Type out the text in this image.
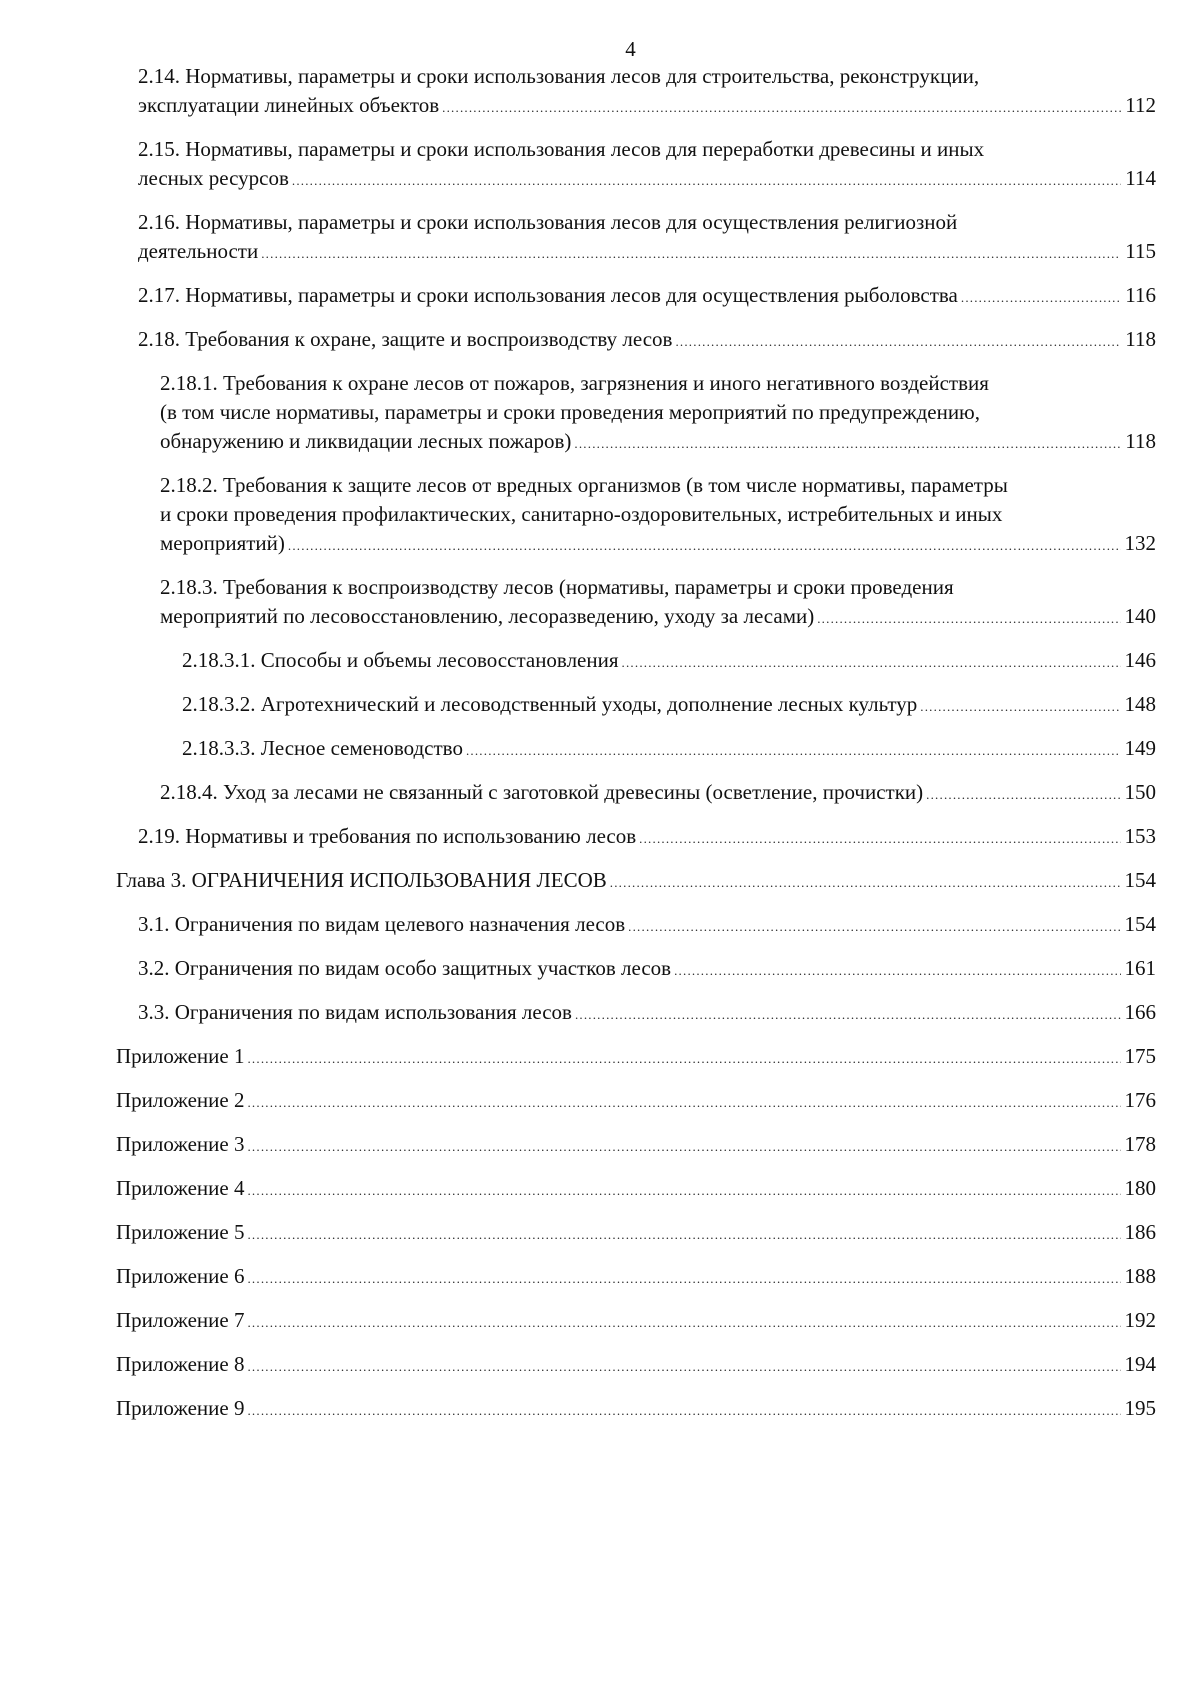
4
2.14. Нормативы, параметры и сроки использования лесов для строительства, реконструкции,
эксплуатации линейных объектов .....	112
2.15. Нормативы, параметры и сроки использования лесов для переработки древесины и иных
лесных ресурсов .....	114
2.16. Нормативы, параметры и сроки использования лесов для осуществления религиозной
деятельности .....	115
2.17. Нормативы, параметры и сроки использования лесов для осуществления рыболовства .....	116
2.18. Требования к охране, защите и воспроизводству лесов .....	118
2.18.1. Требования к охране лесов от пожаров, загрязнения и иного негативного воздействия
(в том числе нормативы, параметры и сроки проведения мероприятий по предупреждению,
обнаружению и ликвидации лесных пожаров) .....	118
2.18.2. Требования к защите лесов от вредных организмов (в том числе нормативы, параметры
и сроки проведения профилактических, санитарно-оздоровительных, истребительных и иных
мероприятий) .....	132
2.18.3. Требования к воспроизводству лесов (нормативы, параметры и сроки проведения
мероприятий по лесовосстановлению, лесоразведению, уходу за лесами) .....	140
2.18.3.1. Способы и объемы лесовосстановления .....	146
2.18.3.2. Агротехнический и лесоводственный уходы, дополнение лесных культур .....	148
2.18.3.3. Лесное семеноводство .....	149
2.18.4. Уход за лесами не связанный с заготовкой древесины (осветление, прочистки) .....	150
2.19. Нормативы и требования по использованию лесов .....	153
Глава 3. ОГРАНИЧЕНИЯ ИСПОЛЬЗОВАНИЯ ЛЕСОВ .....	154
3.1. Ограничения по видам целевого назначения лесов .....	154
3.2. Ограничения по видам особо защитных участков лесов .....	161
3.3. Ограничения по видам использования лесов .....	166
Приложение 1 .....	175
Приложение 2 .....	176
Приложение 3 .....	178
Приложение 4 .....	180
Приложение 5 .....	186
Приложение 6 .....	188
Приложение 7 .....	192
Приложение 8 .....	194
Приложение 9 .....	195
